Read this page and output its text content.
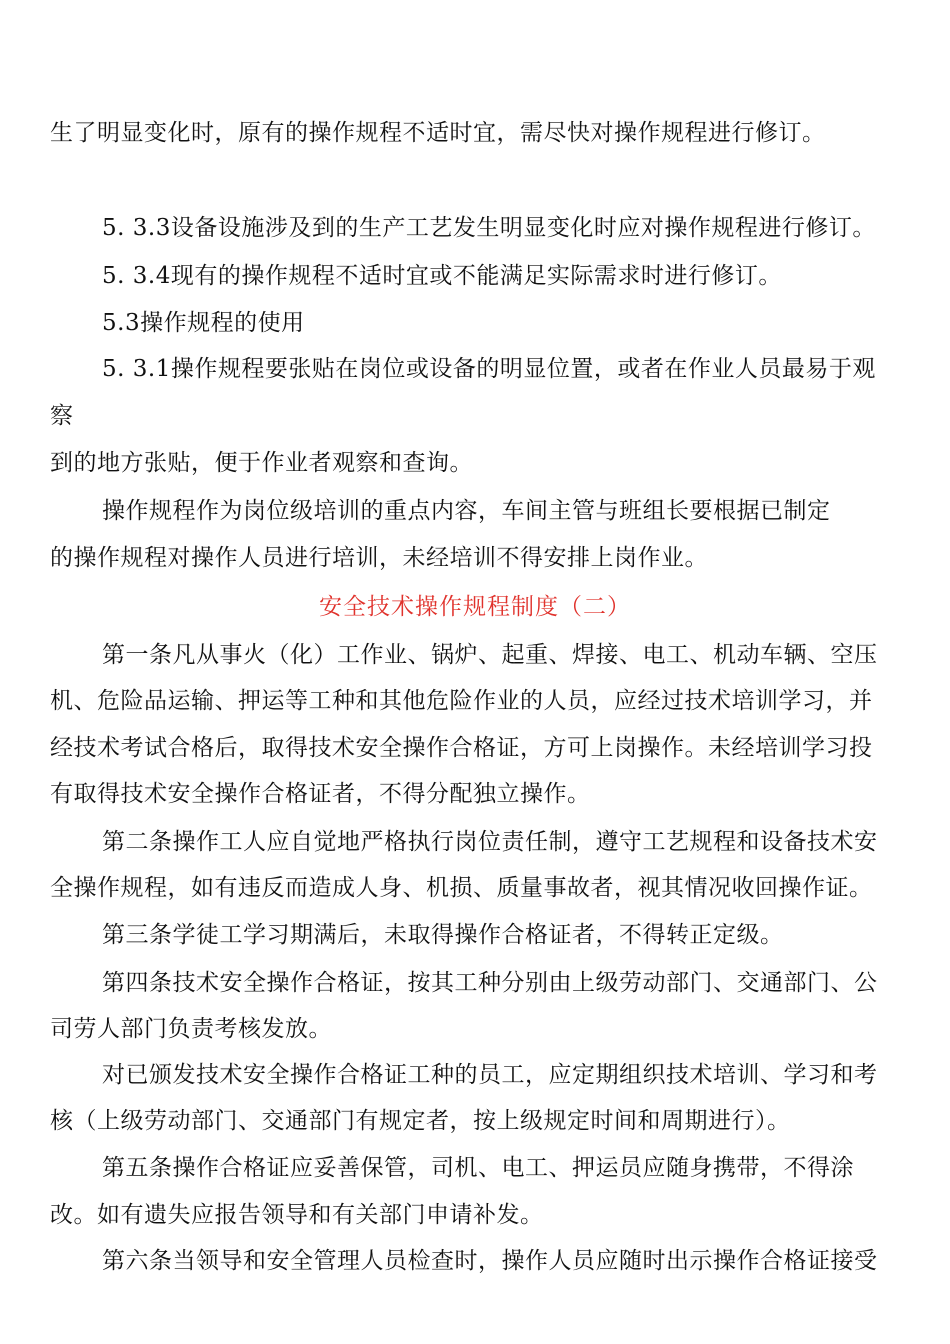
生了明显变化时，原有的操作规程不适时宜，需尽快对操作规程进行修订。
5. 3.3设备设施涉及到的生产工艺发生明显变化时应对操作规程进行修订。
5. 3.4现有的操作规程不适时宜或不能满足实际需求时进行修订。
5.3操作规程的使用
5. 3.1操作规程要张贴在岗位或设备的明显位置，或者在作业人员最易于观
察
到的地方张贴，便于作业者观察和查询。
操作规程作为岗位级培训的重点内容，车间主管与班组长要根据已制定
的操作规程对操作人员进行培训，未经培训不得安排上岗作业。
安全技术操作规程制度（二）
第一条凡从事火（化）工作业、锅炉、起重、焊接、电工、机动车辆、空压
机、危险品运输、押运等工种和其他危险作业的人员，应经过技术培训学习，并
经技术考试合格后，取得技术安全操作合格证，方可上岗操作。未经培训学习投
有取得技术安全操作合格证者，不得分配独立操作。
第二条操作工人应自觉地严格执行岗位责任制，遵守工艺规程和设备技术安
全操作规程，如有违反而造成人身、机损、质量事故者，视其情况收回操作证。
第三条学徒工学习期满后，未取得操作合格证者，不得转正定级。
第四条技术安全操作合格证，按其工种分别由上级劳动部门、交通部门、公
司劳人部门负责考核发放。
对已颁发技术安全操作合格证工种的员工，应定期组织技术培训、学习和考
核（上级劳动部门、交通部门有规定者，按上级规定时间和周期进行）。
第五条操作合格证应妥善保管，司机、电工、押运员应随身携带，不得涂
改。如有遗失应报告领导和有关部门申请补发。
第六条当领导和安全管理人员检查时，操作人员应随时出示操作合格证接受
